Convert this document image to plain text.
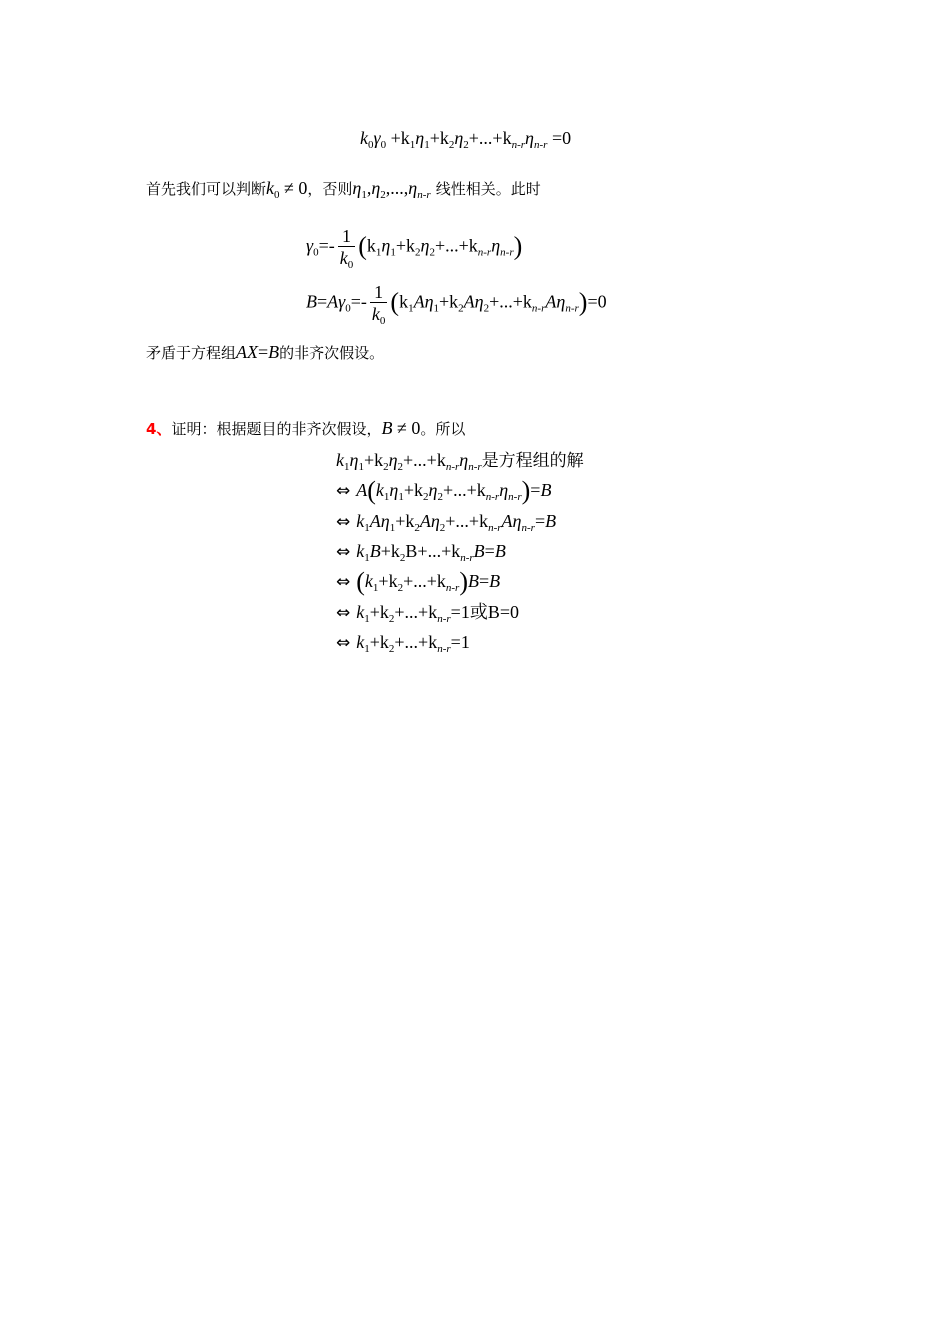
$k_0\gamma_0 +k_1\eta_1+k_2\eta_2+...+k_{n-r}\eta_{n-r} =0$
首先我们可以判断$k_0 \ne 0$，否则$\eta_1,\eta_2,...,\eta_{n-r}$ 线性相关。此时
$\gamma_0=- \frac{1}{k_0} (k_1\eta_1+k_2\eta_2+...+k_{n-r}\eta_{n-r})$
$B=A\gamma_0=- \frac{1}{k_0} (k_1A\eta_1+k_2A\eta_2+...+k_{n-r}A\eta_{n-r})=0$
矛盾于方程组AX=B的非齐次假设。
4、证明：根据题目的非齐次假设，B ≠ 0。所以
$k_1\eta_1+k_2\eta_2+...+k_{n-r}\eta_{n-r}$是方程组的解
⇔ $A(k_1\eta_1+k_2\eta_2+...+k_{n-r}\eta_{n-r})=B$
⇔ $k_1A\eta_1+k_2A\eta_2+...+k_{n-r}A\eta_{n-r}=B$
⇔ $k_1B+k_2B+...+k_{n-r}B=B$
⇔ $(k_1+k_2+...+k_{n-r})B=B$
⇔ $k_1+k_2+...+k_{n-r}=1$或B=0
⇔ $k_1+k_2+...+k_{n-r}=1$
